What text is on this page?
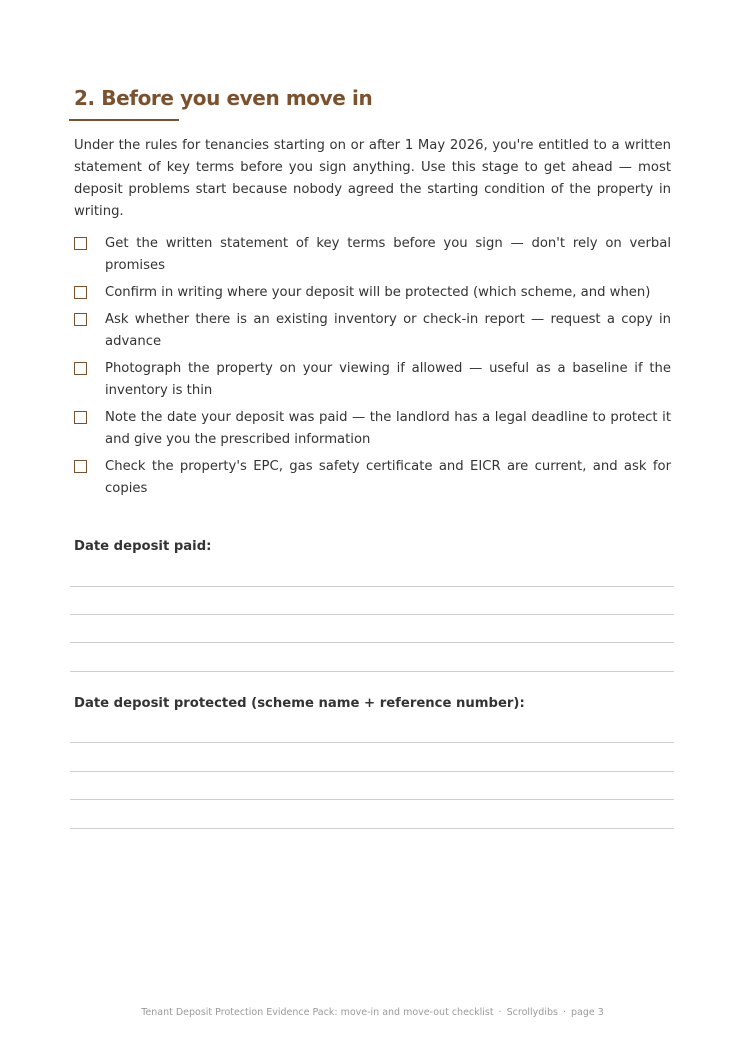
2. Before you even move in

Under the rules for tenancies starting on or after 1 May 2026, you're entitled to a written statement of key terms before you sign anything. Use this stage to get ahead — most deposit problems start because nobody agreed the starting condition of the property in writing.

Get the written statement of key terms before you sign — don't rely on verbal promises
Confirm in writing where your deposit will be protected (which scheme, and when)
Ask whether there is an existing inventory or check-in report — request a copy in advance
Photograph the property on your viewing if allowed — useful as a baseline if the inventory is thin
Note the date your deposit was paid — the landlord has a legal deadline to protect it and give you the prescribed information
Check the property's EPC, gas safety certificate and EICR are current, and ask for copies

Date deposit paid:

Date deposit protected (scheme name + reference number):

Tenant Deposit Protection Evidence Pack: move-in and move-out checklist · Scrollydibs · page 3
